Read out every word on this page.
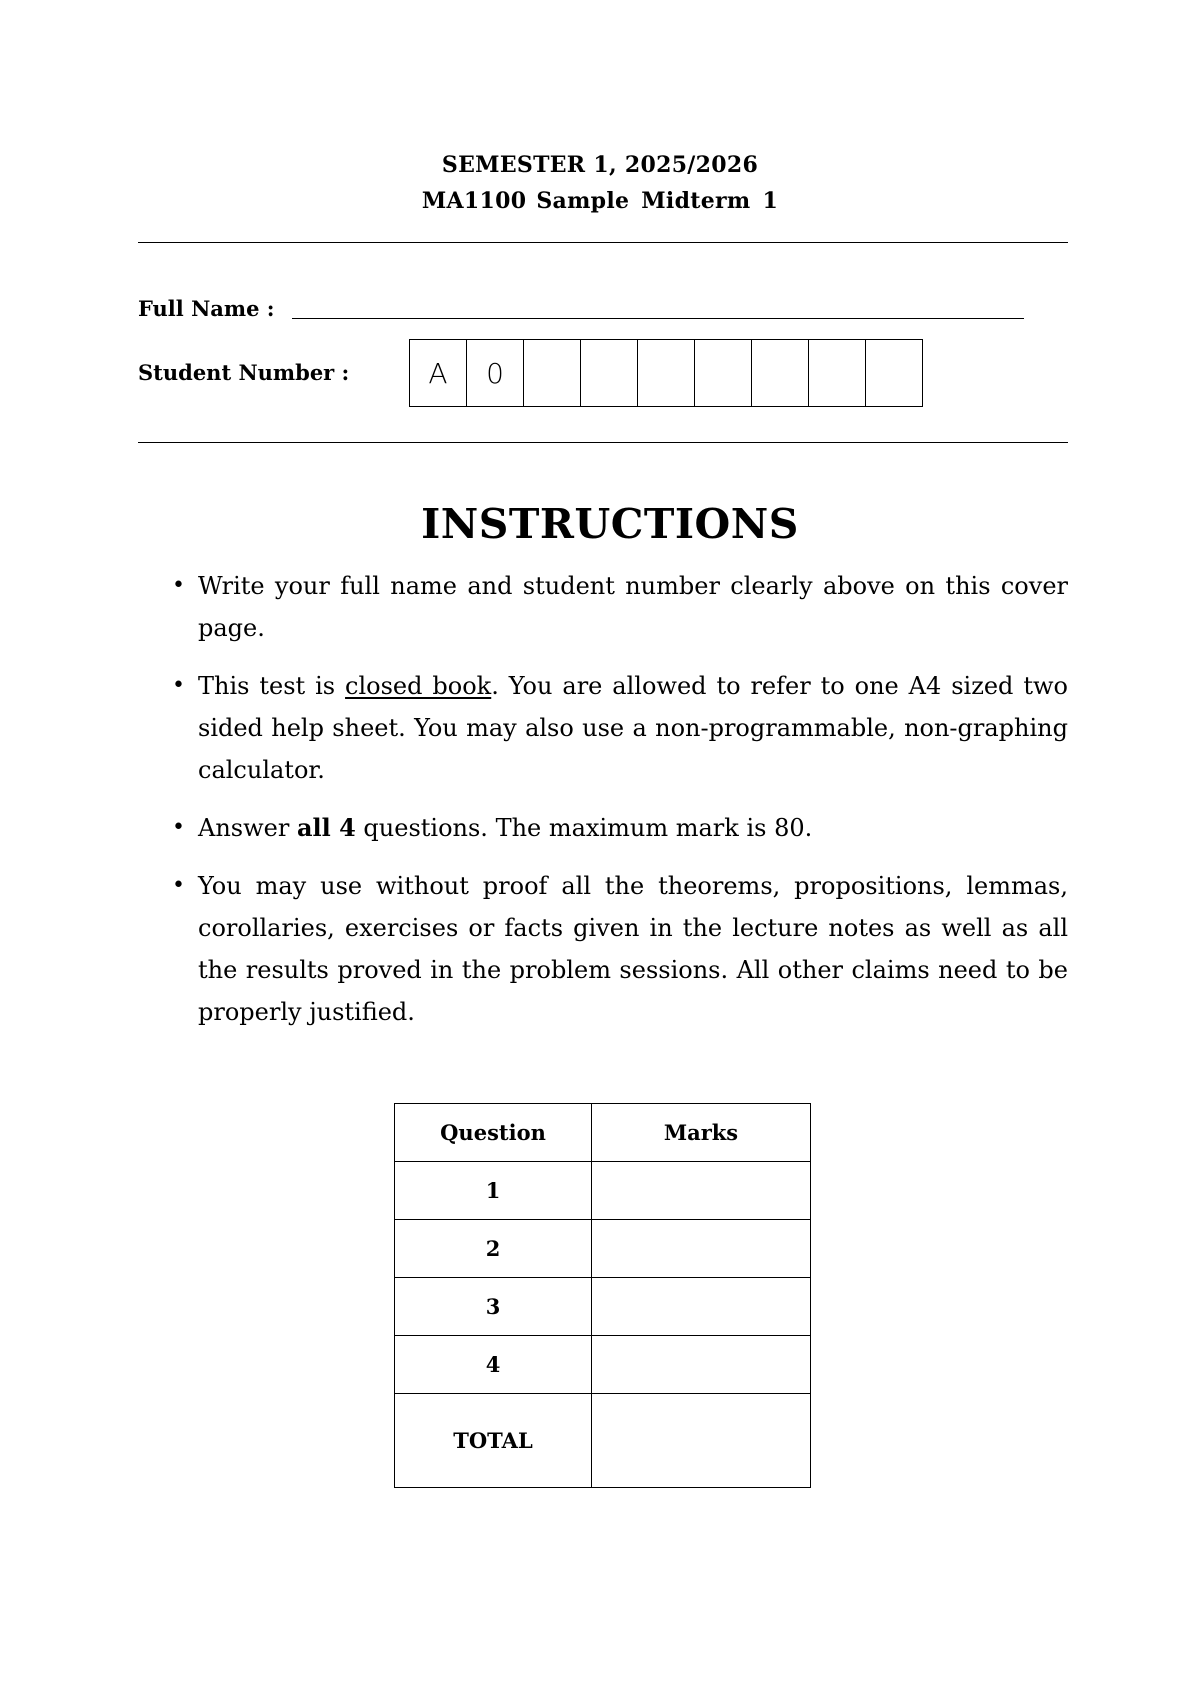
SEMESTER 1, 2025/2026
MA1100 Sample Midterm 1
Full Name :
Student Number :	A	0
INSTRUCTIONS
• Write your full name and student number clearly above on this cover page.
• This test is closed book. You are allowed to refer to one A4 sized two sided help sheet. You may also use a non-programmable, non-graphing calculator.
• Answer all 4 questions. The maximum mark is 80.
• You may use without proof all the theorems, propositions, lemmas, corollaries, exercises or facts given in the lecture notes as well as all the results proved in the problem sessions. All other claims need to be properly justified.
Question	Marks
1	
2	
3	
4	
TOTAL	
